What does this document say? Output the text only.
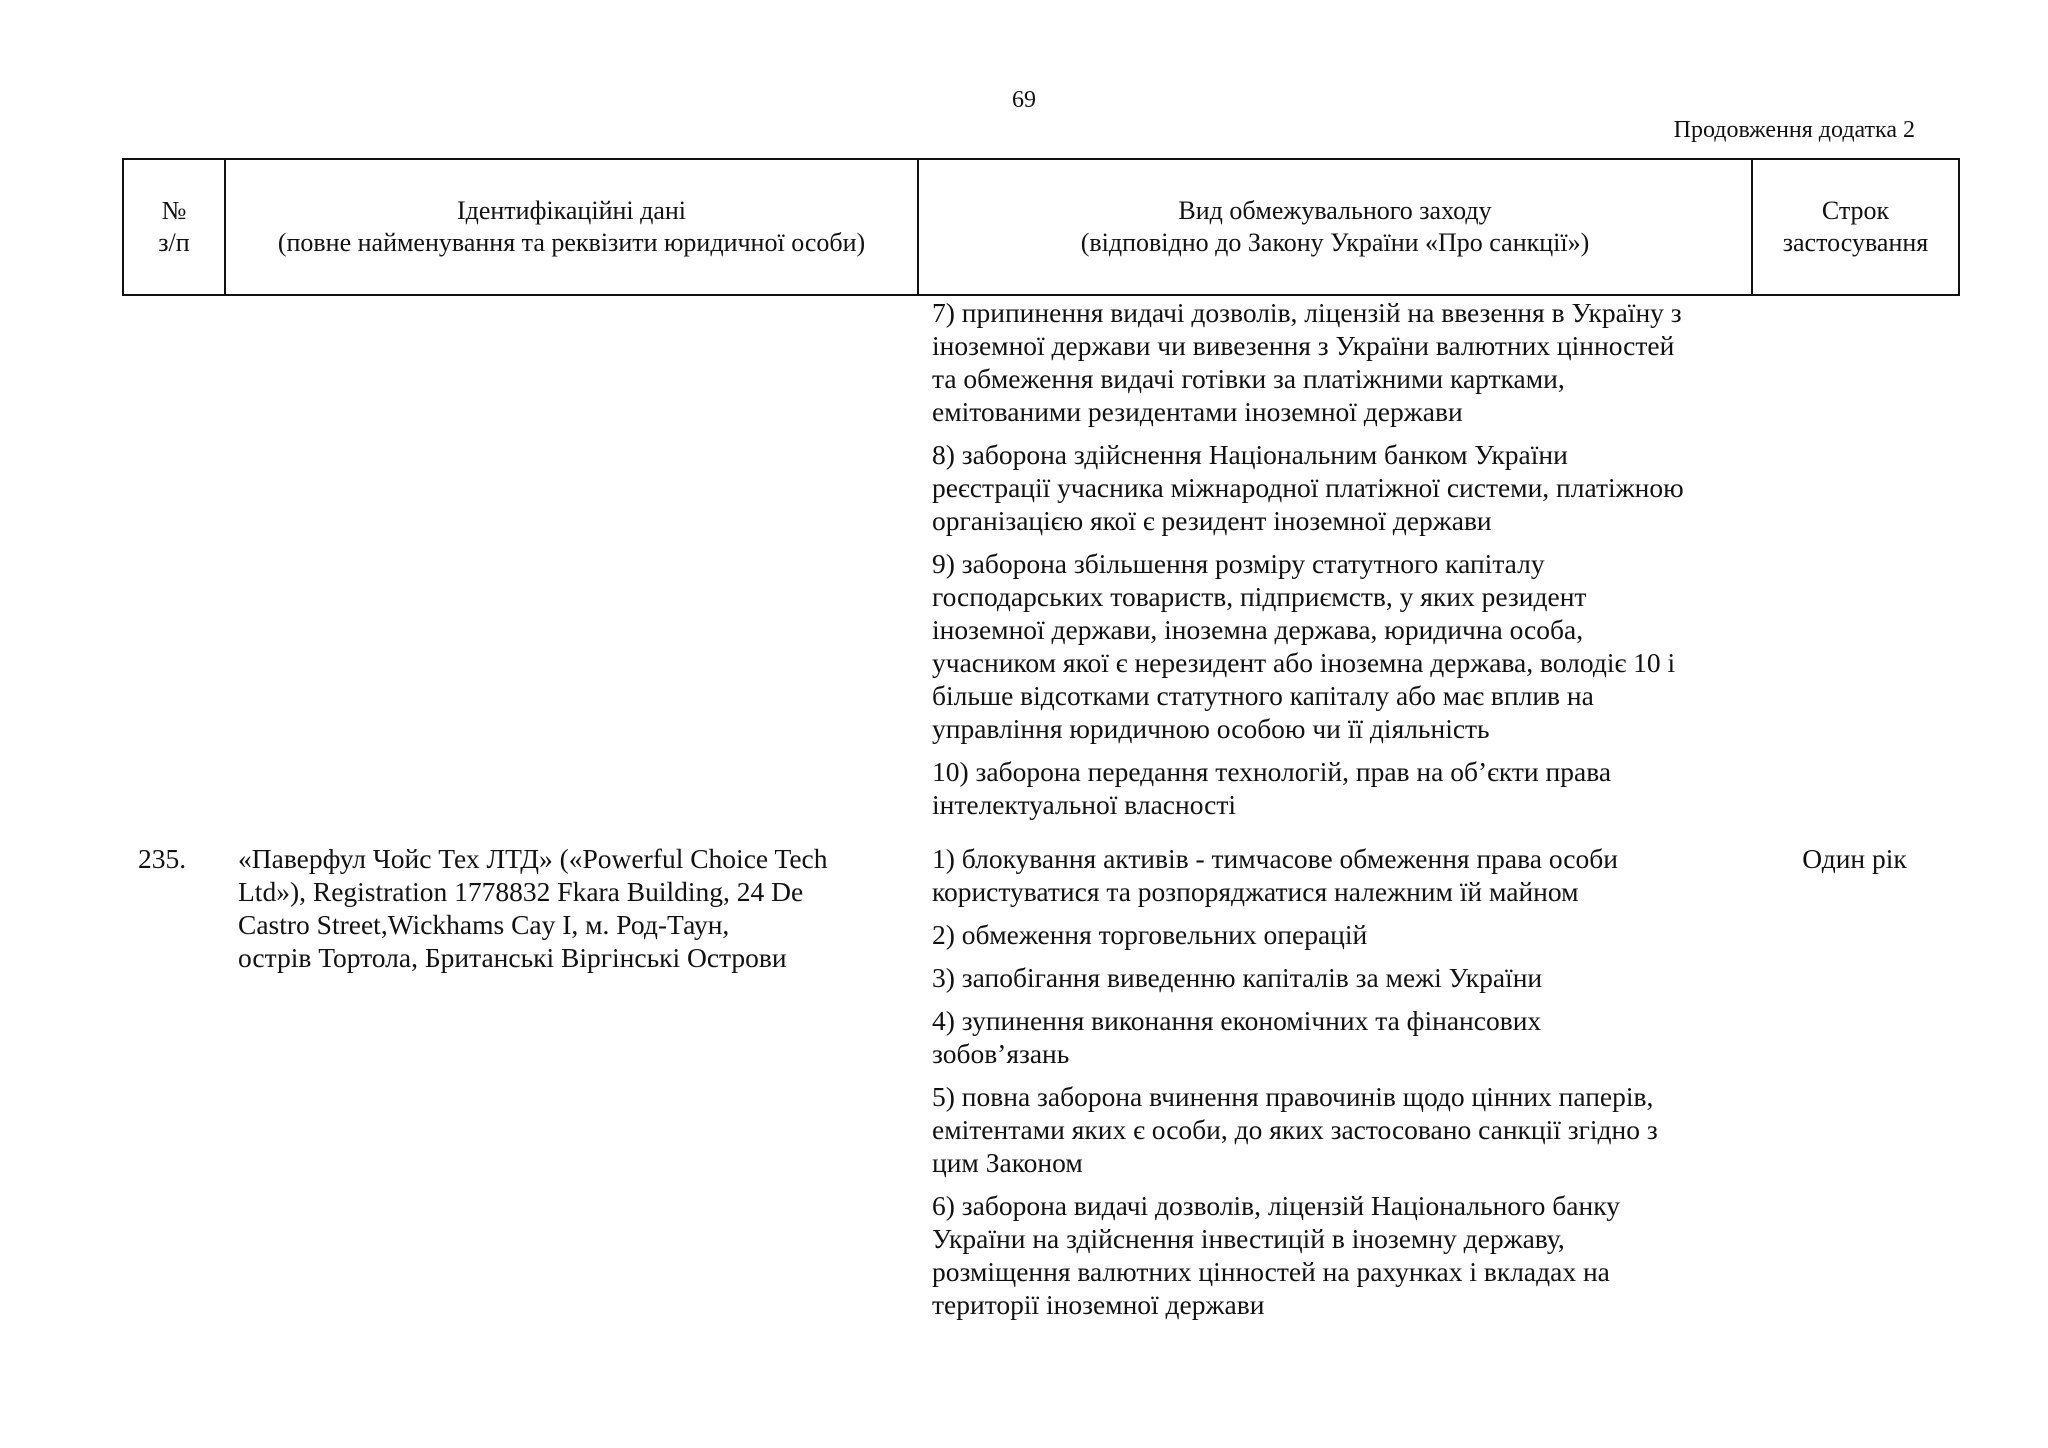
69
Продовження додатка 2
№
з/п
Ідентифікаційні дані
(повне найменування та реквізити юридичної особи)
Вид обмежувального заходу
(відповідно до Закону України «Про санкції»)
Строк
застосування
7) припинення видачі дозволів, ліцензій на ввезення в Україну з
іноземної держави чи вивезення з України валютних цінностей
та обмеження видачі готівки за платіжними картками,
емітованими резидентами іноземної держави
8) заборона здійснення Національним банком України
реєстрації учасника міжнародної платіжної системи, платіжною
організацією якої є резидент іноземної держави
9) заборона збільшення розміру статутного капіталу
господарських товариств, підприємств, у яких резидент
іноземної держави, іноземна держава, юридична особа,
учасником якої є нерезидент або іноземна держава, володіє 10 і
більше відсотками статутного капіталу або має вплив на
управління юридичною особою чи її діяльність
10) заборона передання технологій, прав на об’єкти права
інтелектуальної власності
235. «Паверфул Чойс Тех ЛТД» («Powerful Choice Tech
Ltd»), Registration 1778832 Fkara Building, 24 De
Castro Street,Wickhams Cay I, м. Род-Таун,
острів Тортола, Британські Віргінські Острови
1) блокування активів - тимчасове обмеження права особи
користуватися та розпоряджатися належним їй майном
2) обмеження торговельних операцій
3) запобігання виведенню капіталів за межі України
4) зупинення виконання економічних та фінансових
зобов’язань
5) повна заборона вчинення правочинів щодо цінних паперів,
емітентами яких є особи, до яких застосовано санкції згідно з
цим Законом
6) заборона видачі дозволів, ліцензій Національного банку
України на здійснення інвестицій в іноземну державу,
розміщення валютних цінностей на рахунках і вкладах на
території іноземної держави
Один рік
